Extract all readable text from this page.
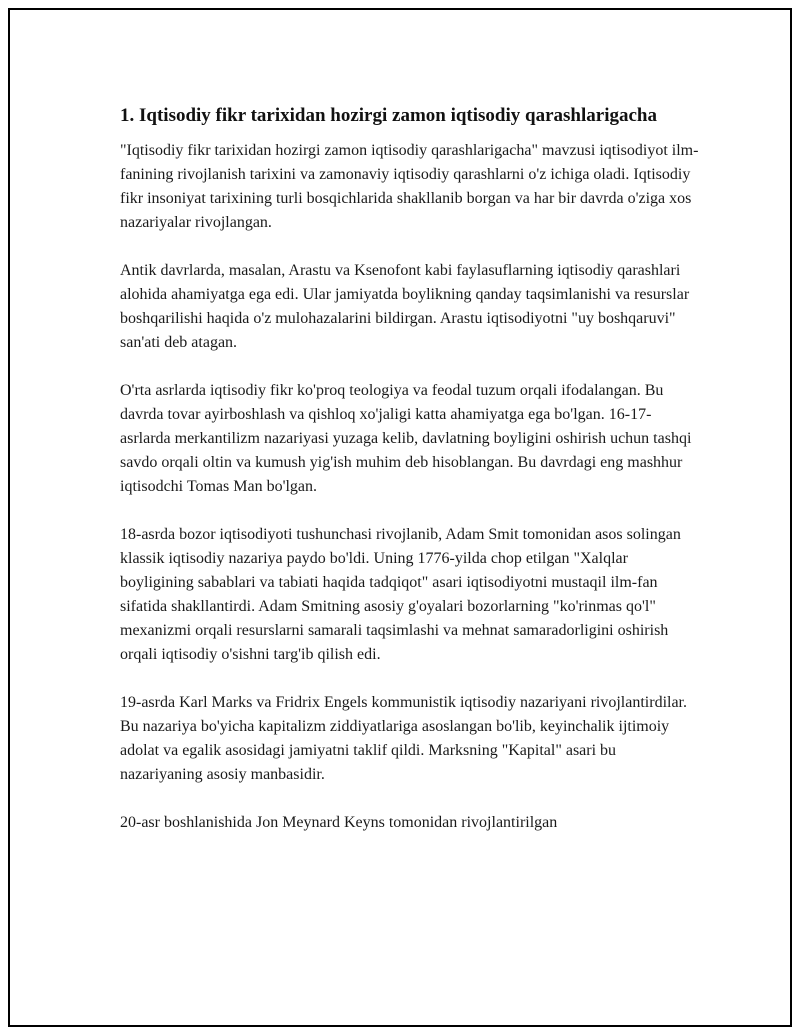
1. Iqtisodiy fikr tarixidan hozirgi zamon iqtisodiy qarashlarigacha

"Iqtisodiy fikr tarixidan hozirgi zamon iqtisodiy qarashlarigacha" mavzusi iqtisodiyot ilm-fanining rivojlanish tarixini va zamonaviy iqtisodiy qarashlarni o'z ichiga oladi. Iqtisodiy fikr insoniyat tarixining turli bosqichlarida shakllanib borgan va har bir davrda o'ziga xos nazariyalar rivojlangan.

Antik davrlarda, masalan, Arastu va Ksenofont kabi faylasuflarning iqtisodiy qarashlari alohida ahamiyatga ega edi. Ular jamiyatda boylikning qanday taqsimlanishi va resurslar boshqarilishi haqida o'z mulohazalarini bildirgan. Arastu iqtisodiyotni "uy boshqaruvi" san'ati deb atagan.

O'rta asrlarda iqtisodiy fikr ko'proq teologiya va feodal tuzum orqali ifodalangan. Bu davrda tovar ayirboshlash va qishloq xo'jaligi katta ahamiyatga ega bo'lgan. 16-17-asrlarda merkantilizm nazariyasi yuzaga kelib, davlatning boyligini oshirish uchun tashqi savdo orqali oltin va kumush yig'ish muhim deb hisoblangan. Bu davrdagi eng mashhur iqtisodchi Tomas Man bo'lgan.

18-asrda bozor iqtisodiyoti tushunchasi rivojlanib, Adam Smit tomonidan asos solingan klassik iqtisodiy nazariya paydo bo'ldi. Uning 1776-yilda chop etilgan "Xalqlar boyligining sabablari va tabiati haqida tadqiqot" asari iqtisodiyotni mustaqil ilm-fan sifatida shakllantirdi. Adam Smitning asosiy g'oyalari bozorlarning "ko'rinmas qo'l" mexanizmi orqali resurslarni samarali taqsimlashi va mehnat samaradorligini oshirish orqali iqtisodiy o'sishni targ'ib qilish edi.

19-asrda Karl Marks va Fridrix Engels kommunistik iqtisodiy nazariyani rivojlantirdilar. Bu nazariya bo'yicha kapitalizm ziddiyatlariga asoslangan bo'lib, keyinchalik ijtimoiy adolat va egalik asosidagi jamiyatni taklif qildi. Marksning "Kapital" asari bu nazariyaning asosiy manbasidir.

20-asr boshlanishida Jon Meynard Keyns tomonidan rivojlantirilgan
